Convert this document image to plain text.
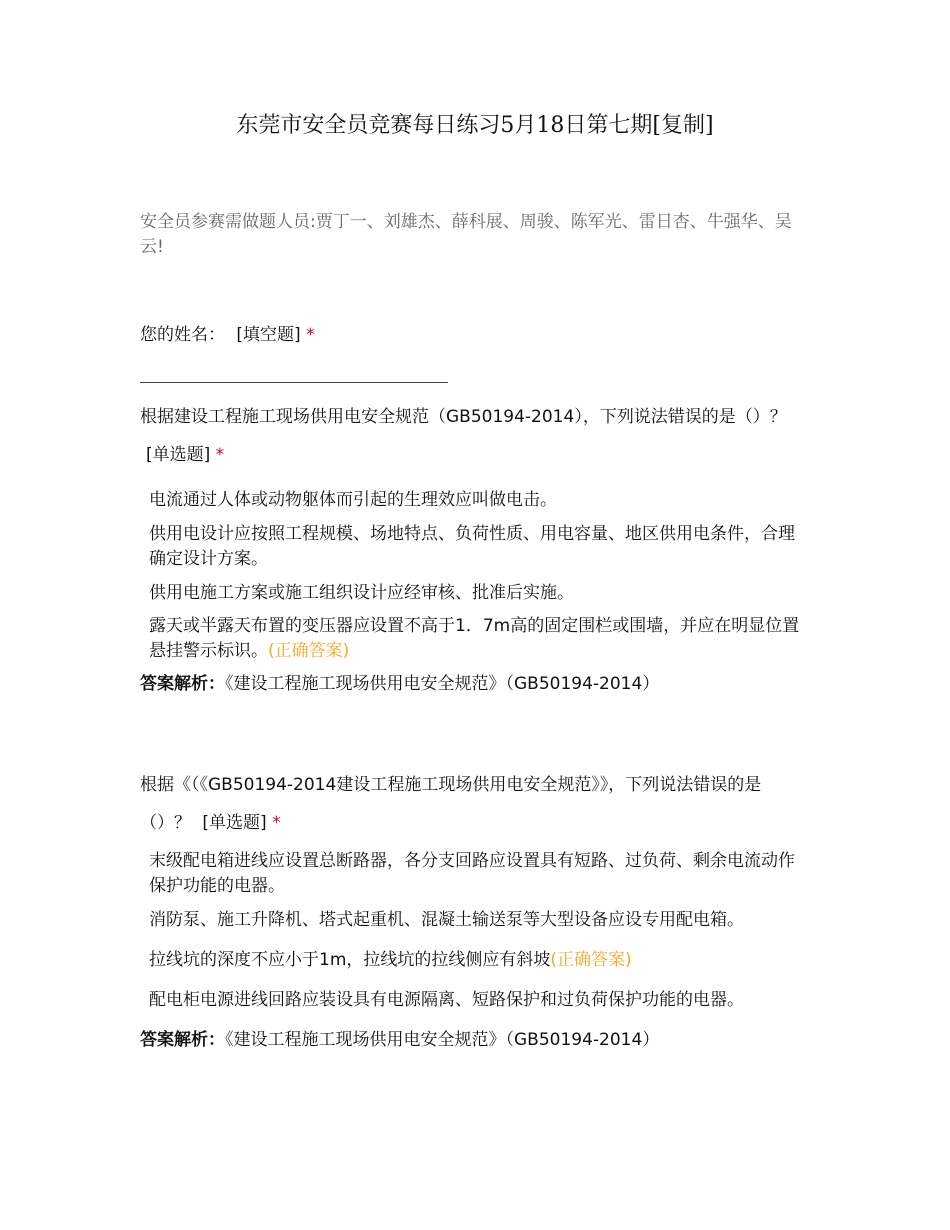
东莞市安全员竞赛每日练习5月18日第七期[复制]
安全员参赛需做题人员:贾丁一、刘雄杰、薛科展、周骏、陈军光、雷日杏、牛强华、吴云!
您的姓名： [填空题] *
根据建设工程施工现场供用电安全规范（GB50194-2014），下列说法错误的是（）？ [单选题] *
电流通过人体或动物躯体而引起的生理效应叫做电击。
供用电设计应按照工程规模、场地特点、负荷性质、用电容量、地区供用电条件，合理确定设计方案。
供用电施工方案或施工组织设计应经审核、批准后实施。
露天或半露天布置的变压器应设置不高于1．7m高的固定围栏或围墙，并应在明显位置悬挂警示标识。(正确答案)
答案解析：《建设工程施工现场供用电安全规范》（GB50194-2014）
根据《（《GB50194-2014建设工程施工现场供用电安全规范》》，下列说法错误的是（）？ [单选题] *
末级配电箱进线应设置总断路器，各分支回路应设置具有短路、过负荷、剩余电流动作保护功能的电器。
消防泵、施工升降机、塔式起重机、混凝土输送泵等大型设备应设专用配电箱。
拉线坑的深度不应小于1m，拉线坑的拉线侧应有斜坡(正确答案)
配电柜电源进线回路应装设具有电源隔离、短路保护和过负荷保护功能的电器。
答案解析：《建设工程施工现场供用电安全规范》（GB50194-2014）
